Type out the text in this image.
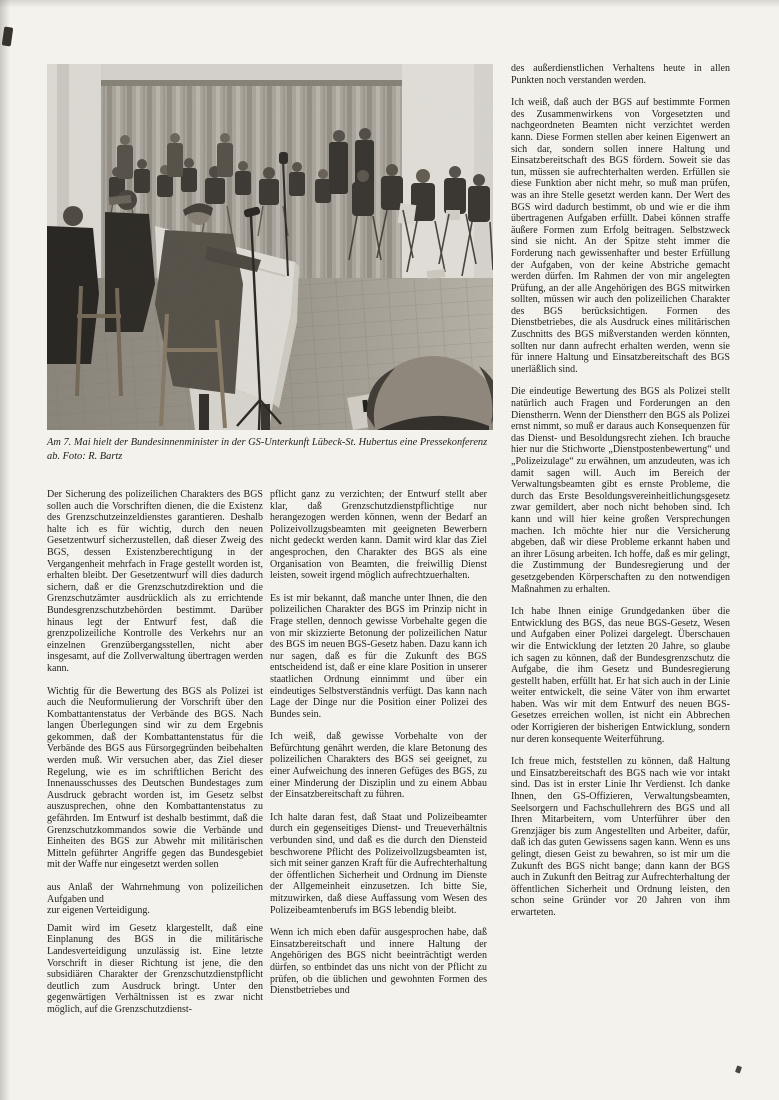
Am 7. Mai hielt der Bundesinnenminister in der GS-Unterkunft Lübeck-St. Hubertus eine Pressekonferenz ab. Foto: R. Bartz

Der Sicherung des polizeilichen Charakters des BGS sollen auch die Vorschriften dienen, die die Existenz des Grenzschutzeinzeldienstes garantieren. Deshalb halte ich es für wichtig, durch den neuen Gesetzentwurf sicherzustellen, daß dieser Zweig des BGS, dessen Existenzberechtigung in der Vergangenheit mehrfach in Frage gestellt worden ist, erhalten bleibt. Der Gesetzentwurf will dies dadurch sichern, daß er die Grenzschutzdirektion und die Grenzschutzämter ausdrücklich als zu errichtende Bundesgrenzschutzbehörden bestimmt. Darüber hinaus legt der Entwurf fest, daß die grenzpolizeiliche Kontrolle des Verkehrs nur an einzelnen Grenzübergangsstellen, nicht aber insgesamt, auf die Zollverwaltung übertragen werden kann.

Wichtig für die Bewertung des BGS als Polizei ist auch die Neuformulierung der Vorschrift über den Kombattantenstatus der Verbände des BGS. Nach langen Überlegungen sind wir zu dem Ergebnis gekommen, daß der Kombattantenstatus für die Verbände des BGS aus Fürsorgegründen beibehalten werden muß. Wir versuchen aber, das Ziel dieser Regelung, wie es im schriftlichen Bericht des Innenausschusses des Deutschen Bundestages zum Ausdruck gebracht worden ist, im Gesetz selbst auszusprechen, ohne den Kombattantenstatus zu gefährden. Im Entwurf ist deshalb bestimmt, daß die Grenzschutzkommandos sowie die Verbände und Einheiten des BGS zur Abwehr mit militärischen Mitteln geführter Angriffe gegen das Bundesgebiet mit der Waffe nur eingesetzt werden sollen

aus Anlaß der Wahrnehmung von polizeilichen Aufgaben und

zur eigenen Verteidigung.

Damit wird im Gesetz klargestellt, daß eine Einplanung des BGS in die militärische Landesverteidigung unzulässig ist. Eine letzte Vorschrift in dieser Richtung ist jene, die den subsidiären Charakter der Grenzschutzdienstpflicht deutlich zum Ausdruck bringt. Unter den gegenwärtigen Verhältnissen ist es zwar nicht möglich, auf die Grenzschutzdienst-

pflicht ganz zu verzichten; der Entwurf stellt aber klar, daß Grenzschutzdienstpflichtige nur herangezogen werden können, wenn der Bedarf an Polizeivollzugsbeamten mit geeigneten Bewerbern nicht gedeckt werden kann. Damit wird klar das Ziel angesprochen, den Charakter des BGS als eine Organisation von Beamten, die freiwillig Dienst leisten, soweit irgend möglich aufrechtzuerhalten.

Es ist mir bekannt, daß manche unter Ihnen, die den polizeilichen Charakter des BGS im Prinzip nicht in Frage stellen, dennoch gewisse Vorbehalte gegen die von mir skizzierte Betonung der polizeilichen Natur des BGS im neuen BGS-Gesetz haben. Dazu kann ich nur sagen, daß es für die Zukunft des BGS entscheidend ist, daß er eine klare Position in unserer staatlichen Ordnung einnimmt und über ein eindeutiges Selbstverständnis verfügt. Das kann nach Lage der Dinge nur die Position einer Polizei des Bundes sein.

Ich weiß, daß gewisse Vorbehalte von der Befürchtung genährt werden, die klare Betonung des polizeilichen Charakters des BGS sei geeignet, zu einer Aufweichung des inneren Gefüges des BGS, zu einer Minderung der Disziplin und zu einem Abbau der Einsatzbereitschaft zu führen.

Ich halte daran fest, daß Staat und Polizeibeamter durch ein gegenseitiges Dienst- und Treueverhältnis verbunden sind, und daß es die durch den Diensteid beschworene Pflicht des Polizeivollzugsbeamten ist, sich mit seiner ganzen Kraft für die Aufrechterhaltung der öffentlichen Sicherheit und Ordnung im Dienste der Allgemeinheit einzusetzen. Ich bitte Sie, mitzuwirken, daß diese Auffassung vom Wesen des Polizeibeamtenberufs im BGS lebendig bleibt.

Wenn ich mich eben dafür ausgesprochen habe, daß Einsatzbereitschaft und innere Haltung der Angehörigen des BGS nicht beeinträchtigt werden dürfen, so entbindet das uns nicht von der Pflicht zu prüfen, ob die üblichen und gewohnten Formen des Dienstbetriebes und

des außerdienstlichen Verhaltens heute in allen Punkten noch verstanden werden.

Ich weiß, daß auch der BGS auf bestimmte Formen des Zusammenwirkens von Vorgesetzten und nachgeordneten Beamten nicht verzichtet werden kann. Diese Formen stellen aber keinen Eigenwert an sich dar, sondern sollen innere Haltung und Einsatzbereitschaft des BGS fördern. Soweit sie das tun, müssen sie aufrechterhalten werden. Erfüllen sie diese Funktion aber nicht mehr, so muß man prüfen, was an ihre Stelle gesetzt werden kann. Der Wert des BGS wird dadurch bestimmt, ob und wie er die ihm übertragenen Aufgaben erfüllt. Dabei können straffe äußere Formen zum Erfolg beitragen. Selbstzweck sind sie nicht. An der Spitze steht immer die Forderung nach gewissenhafter und bester Erfüllung der Aufgaben, von der keine Abstriche gemacht werden dürfen. Im Rahmen der von mir angelegten Prüfung, an der alle Angehörigen des BGS mitwirken sollten, müssen wir auch den polizeilichen Charakter des BGS berücksichtigen. Formen des Dienstbetriebes, die als Ausdruck eines militärischen Zuschnitts des BGS mißverstanden werden könnten, sollten nur dann aufrecht erhalten werden, wenn sie für innere Haltung und Einsatzbereitschaft des BGS unerläßlich sind.

Die eindeutige Bewertung des BGS als Polizei stellt natürlich auch Fragen und Forderungen an den Dienstherrn. Wenn der Dienstherr den BGS als Polizei ernst nimmt, so muß er daraus auch Konsequenzen für das Dienst- und Besoldungsrecht ziehen. Ich brauche hier nur die Stichworte „Dienstpostenbewertung“ und „Polizeizulage“ zu erwähnen, um anzudeuten, was ich damit sagen will. Auch im Bereich der Verwaltungsbeamten gibt es ernste Probleme, die durch das Erste Besoldungsvereinheitlichungsgesetz zwar gemildert, aber noch nicht behoben sind. Ich kann und will hier keine großen Versprechungen machen. Ich möchte hier nur die Versicherung abgeben, daß wir diese Probleme erkannt haben und an ihrer Lösung arbeiten. Ich hoffe, daß es mir gelingt, die Zustimmung der Bundesregierung und der gesetzgebenden Körperschaften zu den notwendigen Maßnahmen zu erhalten.

Ich habe Ihnen einige Grundgedanken über die Entwicklung des BGS, das neue BGS-Gesetz, Wesen und Aufgaben einer Polizei dargelegt. Überschauen wir die Entwicklung der letzten 20 Jahre, so glaube ich sagen zu können, daß der Bundesgrenzschutz die Aufgabe, die ihm Gesetz und Bundesregierung gestellt haben, erfüllt hat. Er hat sich auch in der Linie weiter entwickelt, die seine Väter von ihm erwartet haben. Was wir mit dem Entwurf des neuen BGS-Gesetzes erreichen wollen, ist nicht ein Abbrechen oder Korrigieren der bisherigen Entwicklung, sondern nur deren konsequente Weiterführung.

Ich freue mich, feststellen zu können, daß Haltung und Einsatzbereitschaft des BGS nach wie vor intakt sind. Das ist in erster Linie Ihr Verdienst. Ich danke Ihnen, den GS-Offizieren, Verwaltungsbeamten, Seelsorgern und Fachschullehrern des BGS und all Ihren Mitarbeitern, vom Unterführer über den Grenzjäger bis zum Angestellten und Arbeiter, dafür, daß ich das guten Gewissens sagen kann. Wenn es uns gelingt, diesen Geist zu bewahren, so ist mir um die Zukunft des BGS nicht bange; dann kann der BGS auch in Zukunft den Beitrag zur Aufrechterhaltung der öffentlichen Sicherheit und Ordnung leisten, den schon seine Gründer vor 20 Jahren von ihm erwarteten.
